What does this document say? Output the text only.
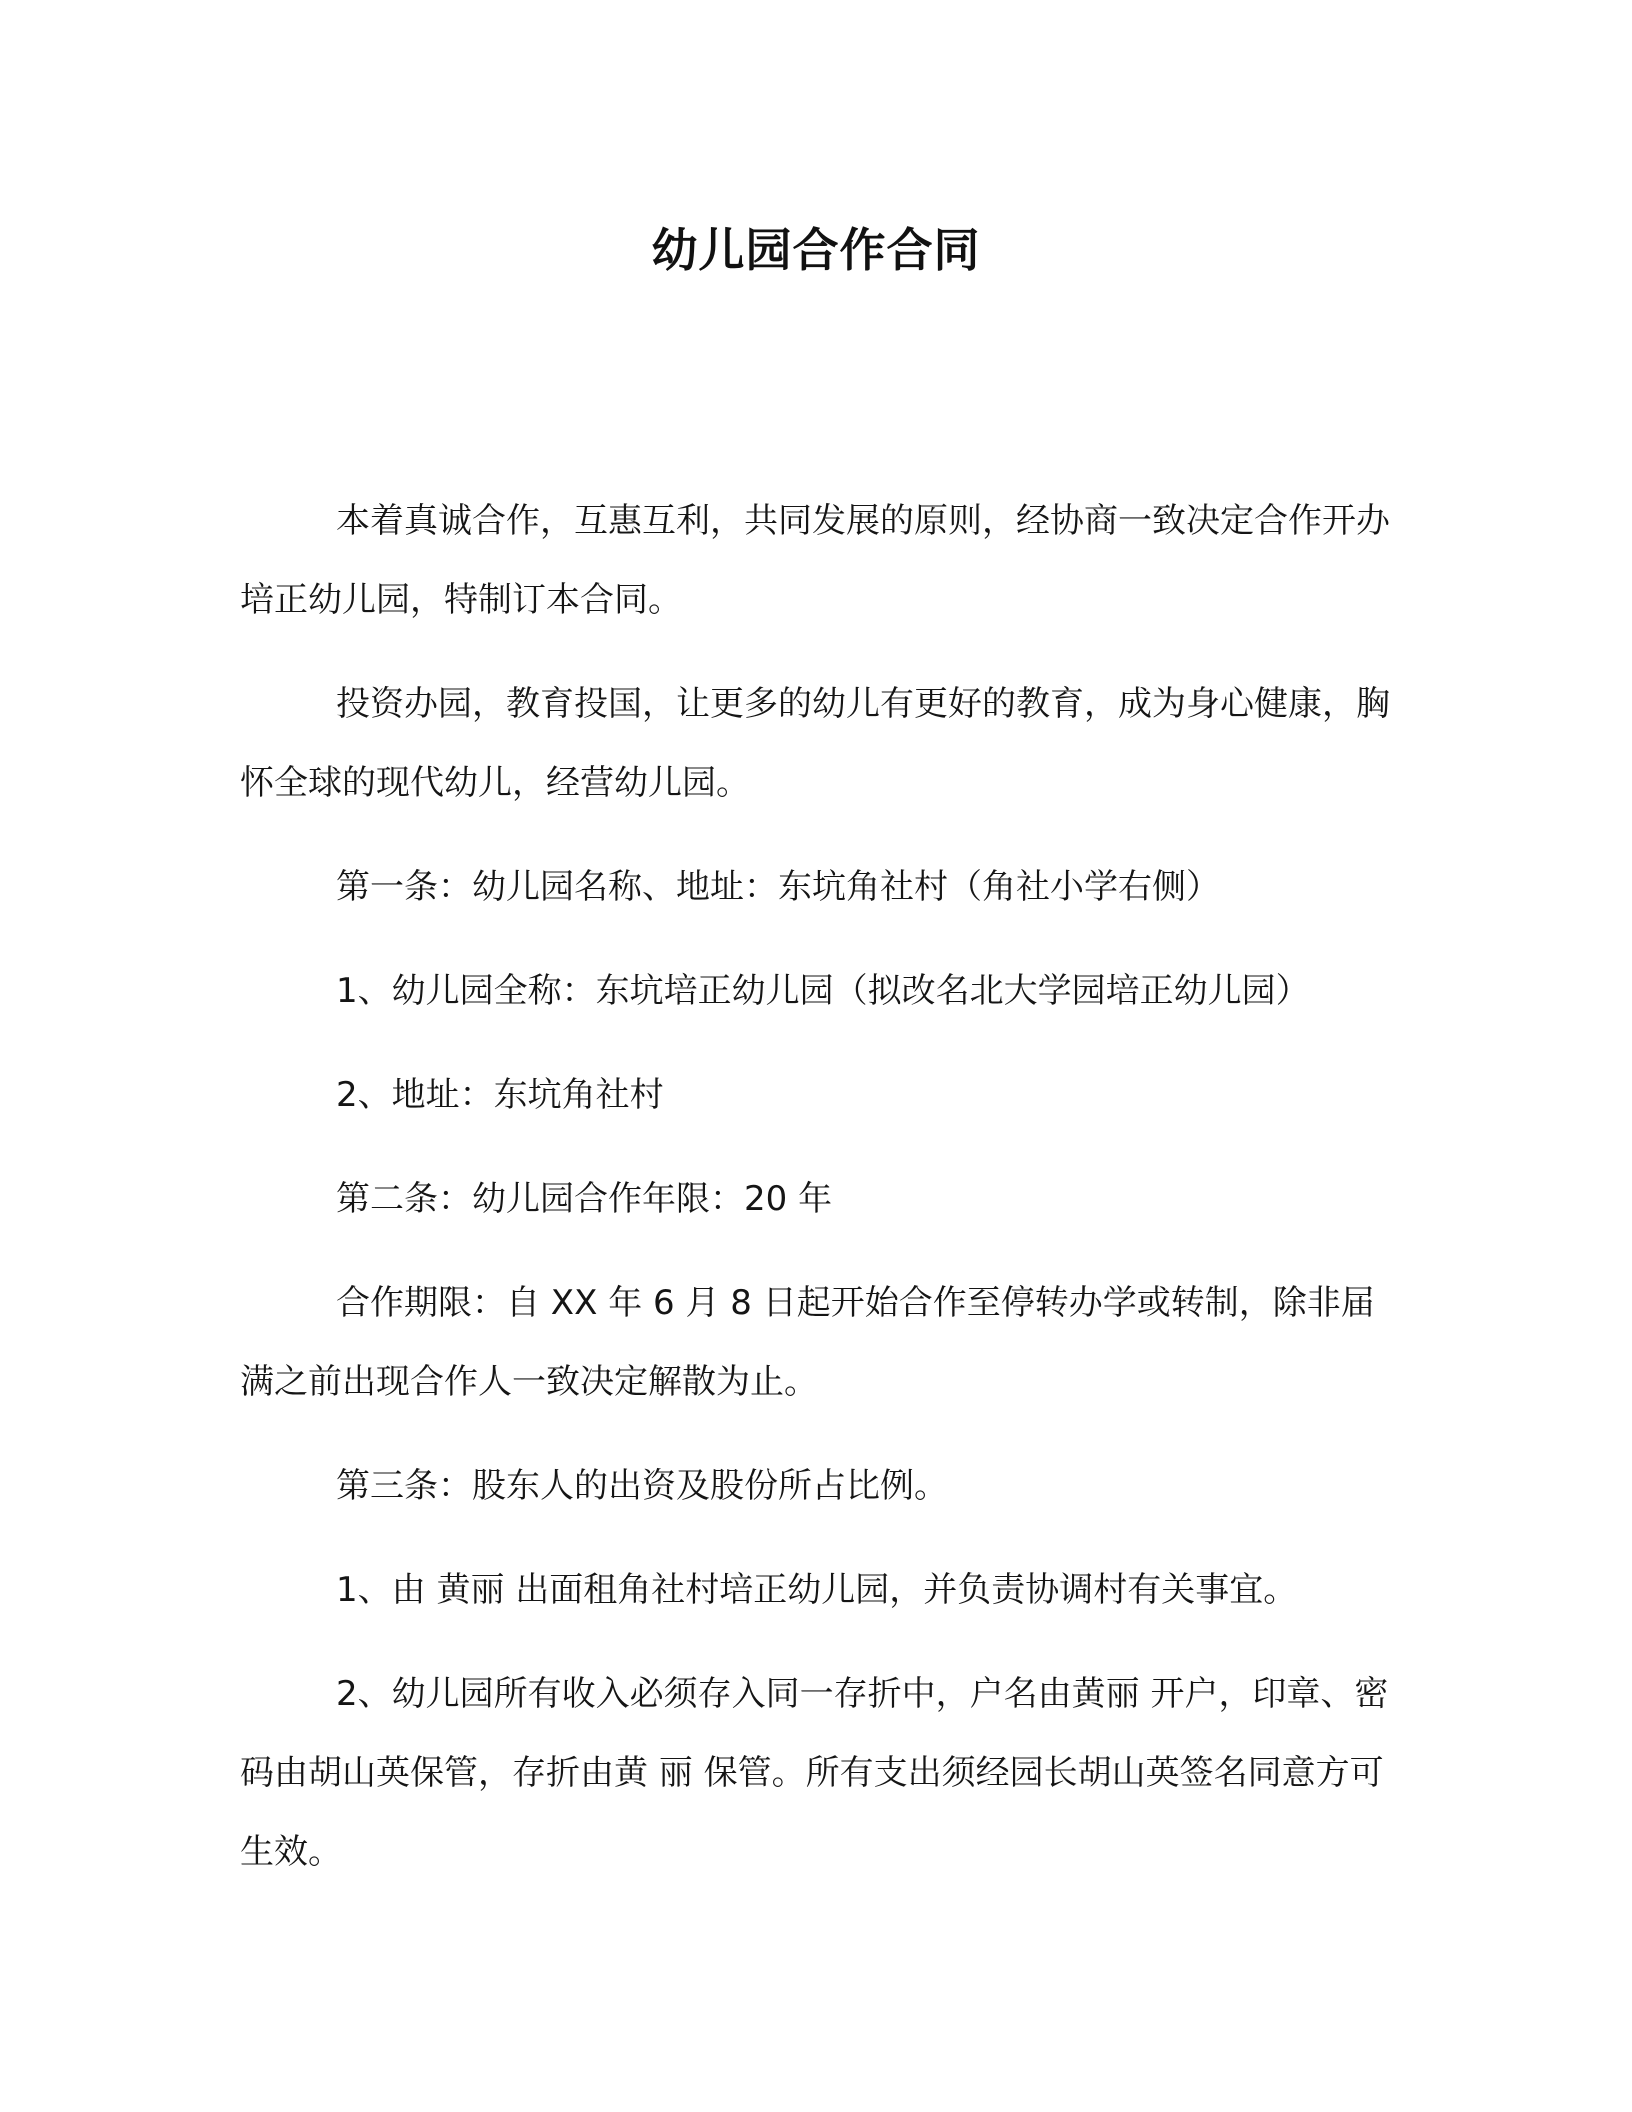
幼儿园合作合同

本着真诚合作，互惠互利，共同发展的原则，经协商一致决定合作开办培正幼儿园，特制订本合同。

投资办园，教育投国，让更多的幼儿有更好的教育，成为身心健康，胸怀全球的现代幼儿，经营幼儿园。

第一条：幼儿园名称、地址：东坑角社村（角社小学右侧）

1、幼儿园全称：东坑培正幼儿园（拟改名北大学园培正幼儿园）

2、地址：东坑角社村

第二条：幼儿园合作年限：20 年

合作期限：自 XX 年 6 月 8 日起开始合作至停转办学或转制，除非届满之前出现合作人一致决定解散为止。

第三条：股东人的出资及股份所占比例。

1、由 黄丽 出面租角社村培正幼儿园，并负责协调村有关事宜。

2、幼儿园所有收入必须存入同一存折中，户名由黄丽 开户，印章、密码由胡山英保管，存折由黄 丽 保管。所有支出须经园长胡山英签名同意方可生效。
